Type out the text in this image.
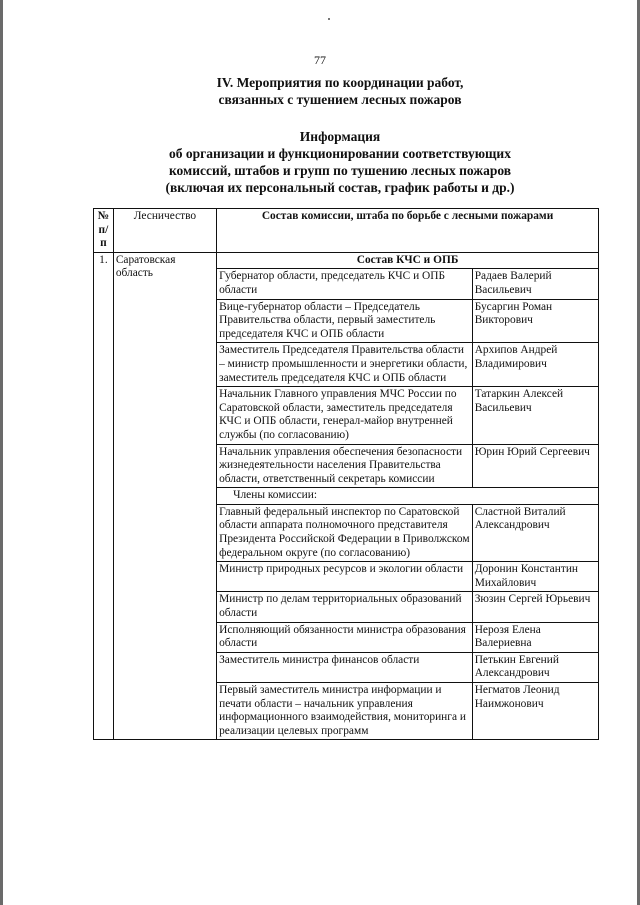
77
IV. Мероприятия по координации работ,
связанных с тушением лесных пожаров
Информация
об организации и функционировании соответствующих
комиссий, штабов и групп по тушению лесных пожаров
(включая их персональный состав, график работы и др.)
№ п/п	Лесничество	Состав комиссии, штаба по борьбе с лесными пожарами	
1.	Саратовская область	Состав КЧС и ОПБ	
		Губернатор области, председатель КЧС и ОПБ области	Радаев Валерий Васильевич
		Вице-губернатор области – Председатель Правительства области, первый заместитель председателя КЧС и ОПБ области	Бусаргин Роман Викторович
		Заместитель Председателя Правительства области – министр промышленности и энергетики области, заместитель председателя КЧС и ОПБ области	Архипов Андрей Владимирович
		Начальник Главного управления МЧС России по Саратовской области, заместитель председателя КЧС и ОПБ области, генерал-майор внутренней службы (по согласованию)	Татаркин Алексей Васильевич
		Начальник управления обеспечения безопасности жизнедеятельности населения Правительства области, ответственный секретарь комиссии	Юрин Юрий Сергеевич
		Члены комиссии:	
		Главный федеральный инспектор по Саратовской области аппарата полномочного представителя Президента Российской Федерации в Приволжском федеральном округе (по согласованию)	Сластной Виталий Александрович
		Министр природных ресурсов и экологии области	Доронин Константин Михайлович
		Министр по делам территориальных образований области	Зюзин Сергей Юрьевич
		Исполняющий обязанности министра образования области	Нерозя Елена Валериевна
		Заместитель министра финансов области	Петькин Евгений Александрович
		Первый заместитель министра информации и печати области – начальник управления информационного взаимодействия, мониторинга и реализации целевых программ	Негматов Леонид Наимжонович
